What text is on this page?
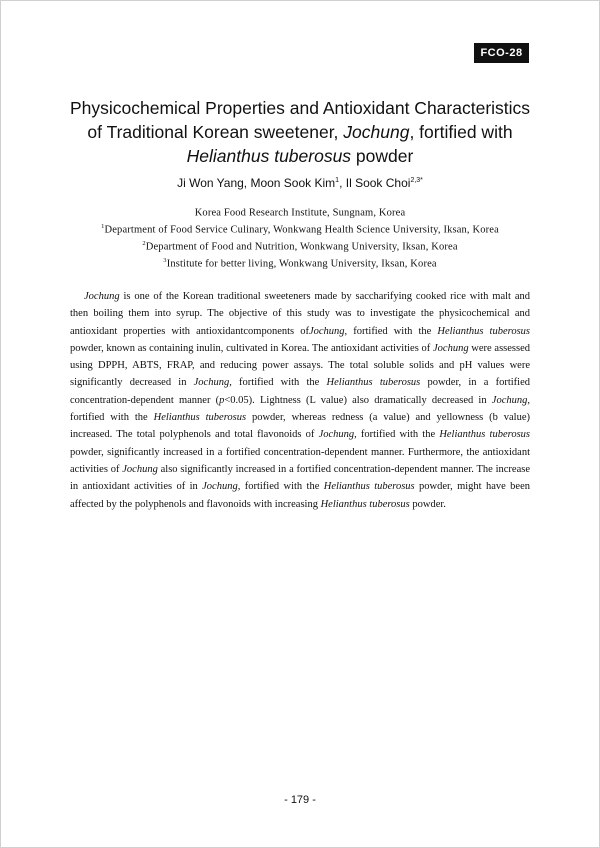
FCO-28
Physicochemical Properties and Antioxidant Characteristics
of Traditional Korean sweetener, Jochung, fortified with
Helianthus tuberosus powder
Ji Won Yang, Moon Sook Kim$^1$, Il Sook Choi$^{2,3*}$
Korea Food Research Institute, Sungnam, Korea
$^1$Department of Food Service Culinary, Wonkwang Health Science University, Iksan, Korea
$^2$Department of Food and Nutrition, Wonkwang University, Iksan, Korea
$^3$Institute for better living, Wonkwang University, Iksan, Korea
Jochung is one of the Korean traditional sweeteners made by saccharifying cooked rice with malt and then boiling them into syrup. The objective of this study was to investigate the physicochemical and antioxidant properties with antioxidantcomponents ofJochung, fortified with the Helianthus tuberosus powder, known as containing inulin, cultivated in Korea. The antioxidant activities of Jochung were assessed using DPPH, ABTS, FRAP, and reducing power assays. The total soluble solids and pH values were significantly decreased in Jochung, fortified with the Helianthus tuberosus powder, in a fortified concentration-dependent manner (p<0.05). Lightness (L value) also dramatically decreased in Jochung, fortified with the Helianthus tuberosus powder, whereas redness (a value) and yellowness (b value) increased. The total polyphenols and total flavonoids of Jochung, fortified with the Helianthus tuberosus powder, significantly increased in a fortified concentration-dependent manner. Furthermore, the antioxidant activities of Jochung also significantly increased in a fortified concentration-dependent manner. The increase in antioxidant activities of in Jochung, fortified with the Helianthus tuberosus powder, might have been affected by the polyphenols and flavonoids with increasing Helianthus tuberosus powder.
- 179 -
